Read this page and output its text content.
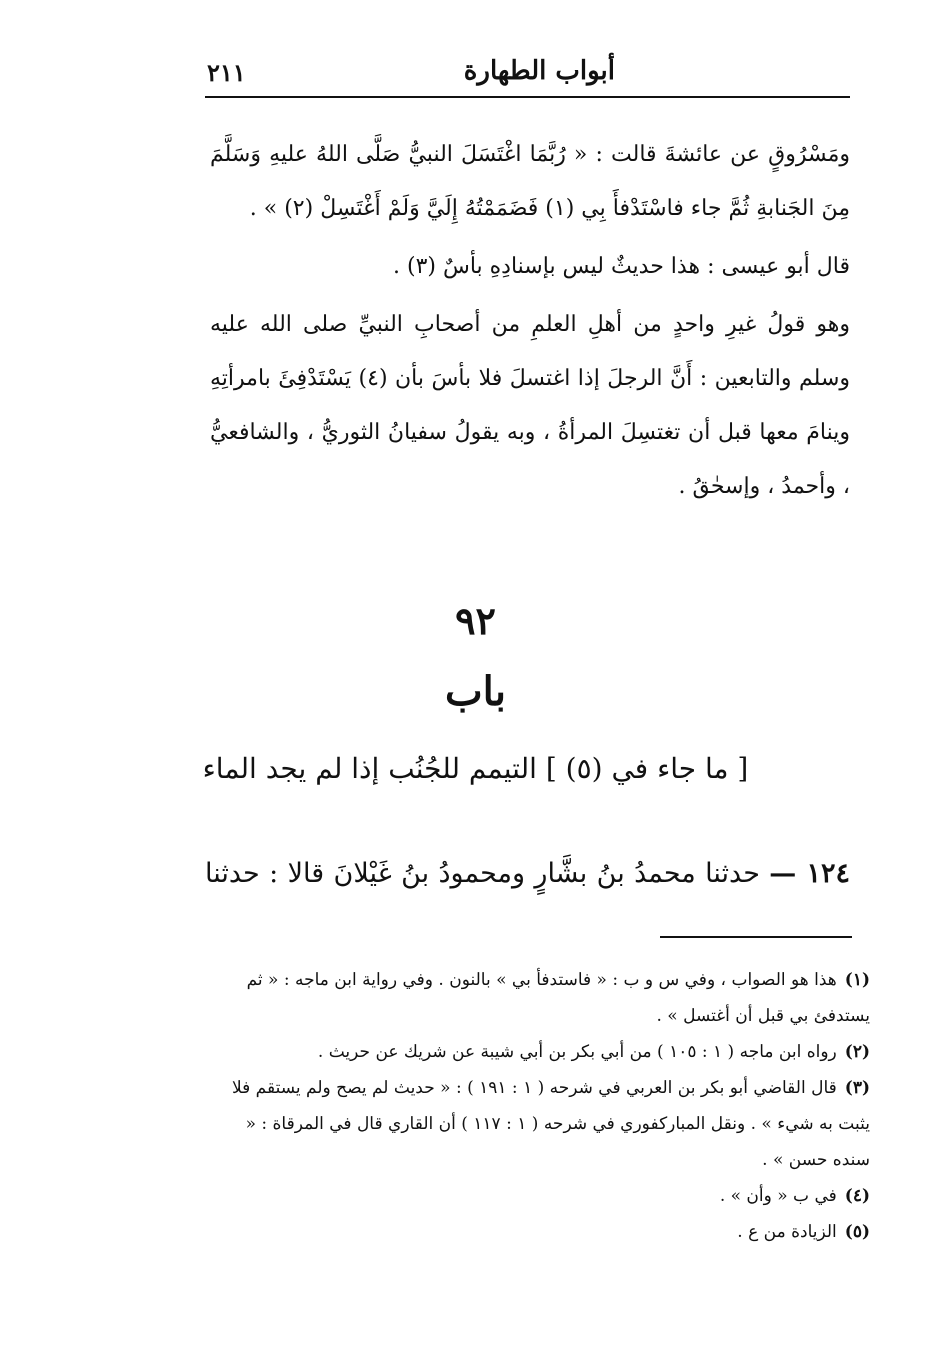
أبواب الطهارة
٢١١

ومَسْرُوقٍ عن عائشةَ قالت : « رُبَّمَا اغْتَسَلَ النبيُّ صَلَّى اللهُ عليهِ وَسَلَّمَ مِنَ الجَنابةِ ثُمَّ جاء فاسْتَدْفأَ بِي (١) فَضَمَمْتُهُ إِلَيَّ وَلَمْ أَغْتَسِلْ (٢) » .

قال أبو عيسى : هذا حديثٌ ليس بإسنادِهِ بأسٌ (٣) .

وهو قولُ غيرِ واحدٍ من أهلِ العلمِ من أصحابِ النبيِّ صلى الله عليه وسلم والتابعين : أَنَّ الرجلَ إذا اغتسلَ فلا بأسَ بأن (٤) يَسْتَدْفِئَ بامرأتِهِ وينامَ معها قبل أن تغتسِلَ المرأةُ ، وبه يقولُ سفيانُ الثوريُّ ، والشافعيُّ ، وأحمدُ ، وإسحٰقُ .

٩٢
باب
[ ما جاء في (٥) ] التيمم للجُنُب إذا لم يجد الماء
١٢٤ — حدثنا محمدُ بنُ بشَّارٍ ومحمودُ بنُ غَيْلانَ قالا : حدثنا

(١)هذا هو الصواب ، وفي س و ب : « فاستدفأ بي » بالنون . وفي رواية ابن ماجه : « ثم يستدفئ بي قبل أن أغتسل » .

(٢)رواه ابن ماجه ( ١ : ١٠٥ ) من أبي بكر بن أبي شيبة عن شريك عن حريث .

(٣)قال القاضي أبو بكر بن العربي في شرحه ( ١ : ١٩١ ) : « حديث لم يصح ولم يستقم فلا يثبت به شيء » . ونقل المباركفوري في شرحه ( ١ : ١١٧ ) أن القاري قال في المرقاة : « سنده حسن » .

(٤)في ب « وأن » .

(٥)الزيادة من ع .
